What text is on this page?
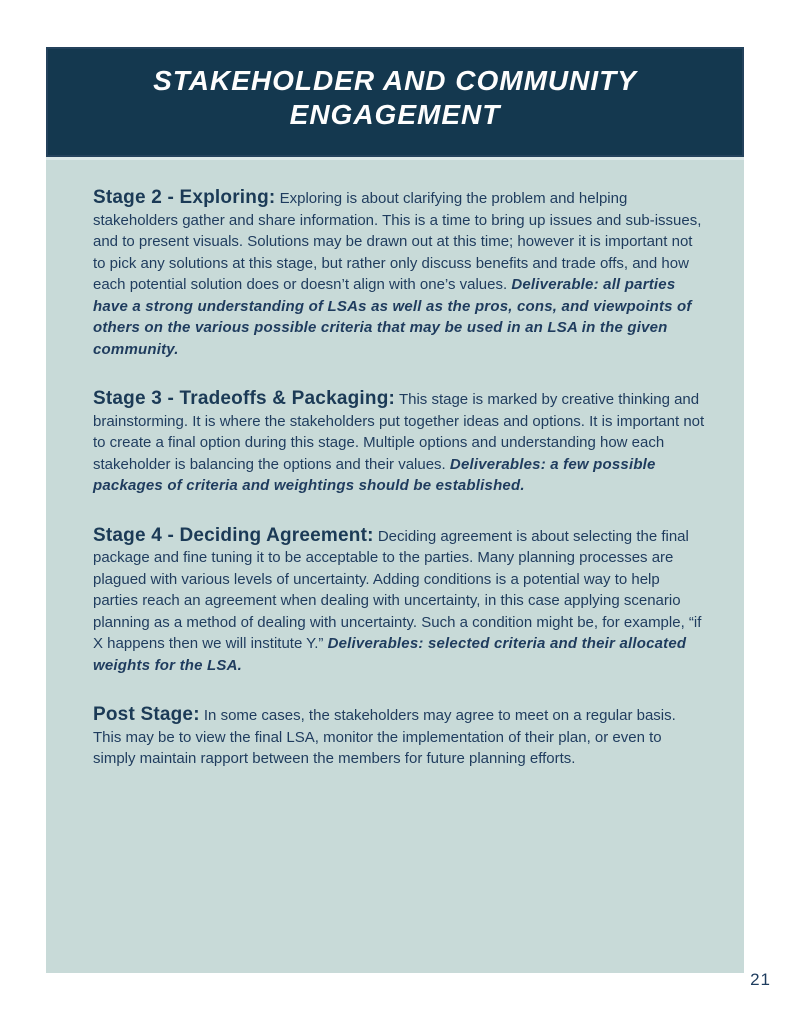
STAKEHOLDER AND COMMUNITY
ENGAGEMENT

Stage 2 - Exploring: Exploring is about clarifying the problem and helping stakeholders gather and share information. This is a time to bring up issues and sub-issues, and to present visuals. Solutions may be drawn out at this time; however it is important not to pick any solutions at this stage, but rather only discuss benefits and trade offs, and how each potential solution does or doesn’t align with one’s values. Deliverable: all parties have a strong understanding of LSAs as well as the pros, cons, and viewpoints of others on the various possible criteria that may be used in an LSA in the given community.

Stage 3 - Tradeoffs & Packaging: This stage is marked by creative thinking and brainstorming. It is where the stakeholders put together ideas and options. It is important not to create a final option during this stage. Multiple options and understanding how each stakeholder is balancing the options and their values. Deliverables: a few possible packages of criteria and weightings should be established.

Stage 4 - Deciding Agreement: Deciding agreement is about selecting the final package and fine tuning it to be acceptable to the parties. Many planning processes are plagued with various levels of uncertainty. Adding conditions is a potential way to help parties reach an agreement when dealing with uncertainty, in this case applying scenario planning as a method of dealing with uncertainty. Such a condition might be, for example, “if X happens then we will institute Y.” Deliverables: selected criteria and their allocated weights for the LSA.

Post Stage: In some cases, the stakeholders may agree to meet on a regular basis. This may be to view the final LSA, monitor the implementation of their plan, or even to simply maintain rapport between the members for future planning efforts.

21
